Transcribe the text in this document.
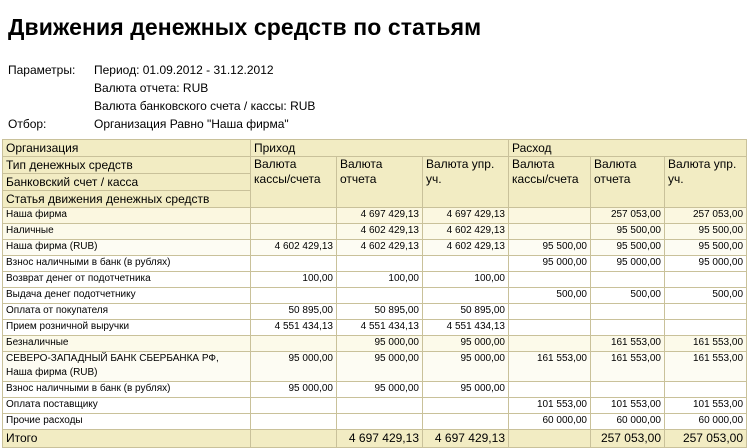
Движения денежных средств по статьям
Параметры:	Период: 01.09.2012 - 31.12.2012
Валюта отчета: RUB
Валюта банковского счета / кассы: RUB
Отбор:	Организация Равно "Наша фирма"
Организация	Приход			Расход		
Тип денежных средств	Валюта кассы/счета	Валюта отчета	Валюта упр. уч.	Валюта кассы/счета	Валюта отчета	Валюта упр. уч.
Банковский счет / касса						
Статья движения денежных средств						
Наша фирма		4 697 429,13	4 697 429,13		257 053,00	257 053,00
Наличные		4 602 429,13	4 602 429,13		95 500,00	95 500,00
Наша фирма (RUB)	4 602 429,13	4 602 429,13	4 602 429,13	95 500,00	95 500,00	95 500,00
Взнос наличными в банк (в рублях)				95 000,00	95 000,00	95 000,00
Возврат денег от подотчетника	100,00	100,00	100,00			
Выдача денег подотчетнику				500,00	500,00	500,00
Оплата от покупателя	50 895,00	50 895,00	50 895,00			
Прием розничной выручки	4 551 434,13	4 551 434,13	4 551 434,13			
Безналичные		95 000,00	95 000,00		161 553,00	161 553,00
СЕВЕРО-ЗАПАДНЫЙ БАНК СБЕРБАНКА РФ, Наша фирма (RUB)	95 000,00	95 000,00	95 000,00	161 553,00	161 553,00	161 553,00
Взнос наличными в банк (в рублях)	95 000,00	95 000,00	95 000,00			
Оплата поставщику				101 553,00	101 553,00	101 553,00
Прочие расходы				60 000,00	60 000,00	60 000,00
Итого		4 697 429,13	4 697 429,13		257 053,00	257 053,00
